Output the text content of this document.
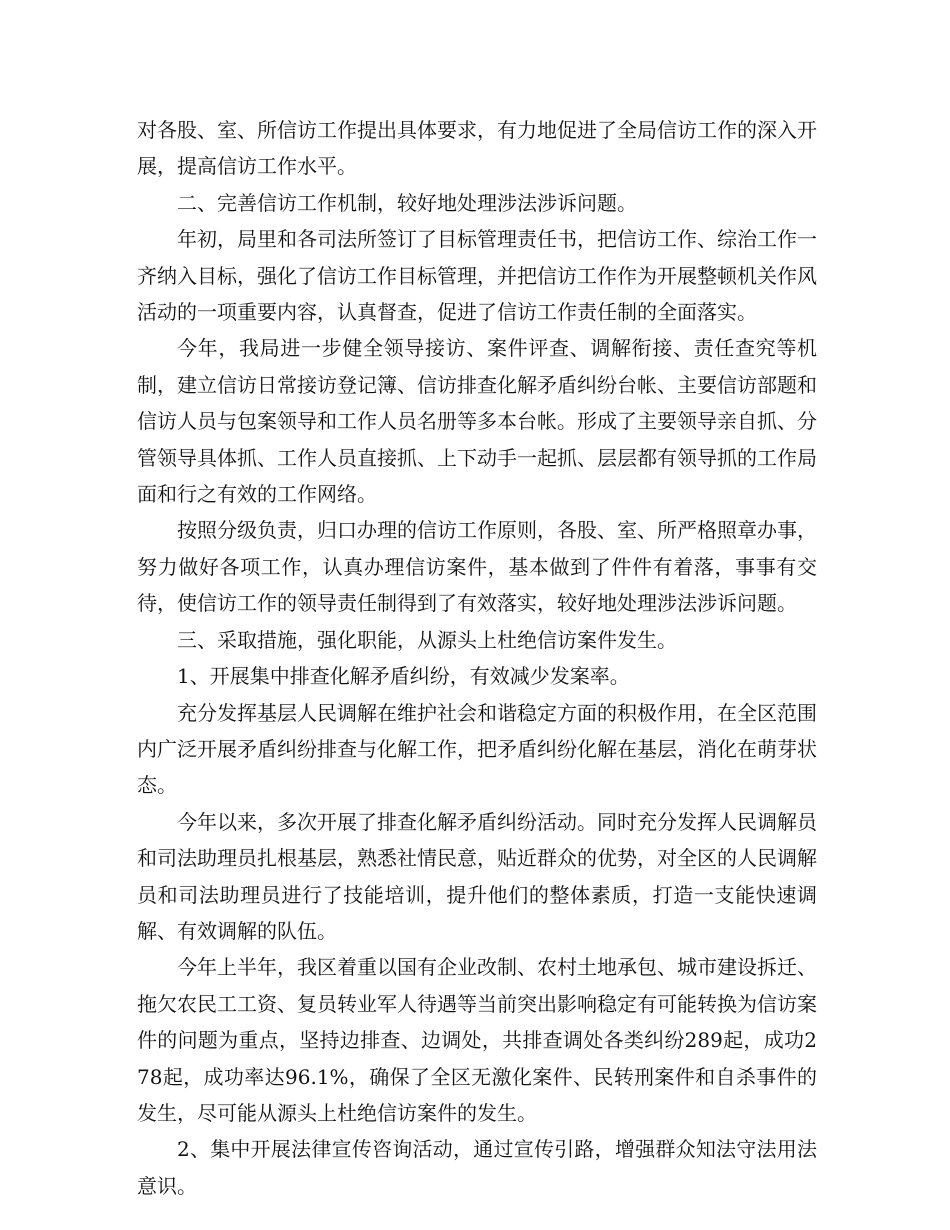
对各股、室、所信访工作提出具体要求，有力地促进了全局信访工作的深入开展，提高信访工作水平。

二、完善信访工作机制，较好地处理涉法涉诉问题。

年初，局里和各司法所签订了目标管理责任书，把信访工作、综治工作一齐纳入目标，强化了信访工作目标管理，并把信访工作作为开展整顿机关作风活动的一项重要内容，认真督查，促进了信访工作责任制的全面落实。

今年，我局进一步健全领导接访、案件评查、调解衔接、责任查究等机制，建立信访日常接访登记簿、信访排查化解矛盾纠纷台帐、主要信访部题和信访人员与包案领导和工作人员名册等多本台帐。形成了主要领导亲自抓、分管领导具体抓、工作人员直接抓、上下动手一起抓、层层都有领导抓的工作局面和行之有效的工作网络。

按照分级负责，归口办理的信访工作原则，各股、室、所严格照章办事，努力做好各项工作，认真办理信访案件，基本做到了件件有着落，事事有交待，使信访工作的领导责任制得到了有效落实，较好地处理涉法涉诉问题。

三、采取措施，强化职能，从源头上杜绝信访案件发生。

1、开展集中排查化解矛盾纠纷，有效减少发案率。

充分发挥基层人民调解在维护社会和谐稳定方面的积极作用，在全区范围内广泛开展矛盾纠纷排查与化解工作，把矛盾纠纷化解在基层，消化在萌芽状态。

今年以来，多次开展了排查化解矛盾纠纷活动。同时充分发挥人民调解员和司法助理员扎根基层，熟悉社情民意，贴近群众的优势，对全区的人民调解员和司法助理员进行了技能培训，提升他们的整体素质，打造一支能快速调解、有效调解的队伍。

今年上半年，我区着重以国有企业改制、农村土地承包、城市建设拆迁、拖欠农民工工资、复员转业军人待遇等当前突出影响稳定有可能转换为信访案件的问题为重点，坚持边排查、边调处，共排查调处各类纠纷289起，成功278起，成功率达96.1%，确保了全区无激化案件、民转刑案件和自杀事件的发生，尽可能从源头上杜绝信访案件的发生。

2、集中开展法律宣传咨询活动，通过宣传引路，增强群众知法守法用法意识。
